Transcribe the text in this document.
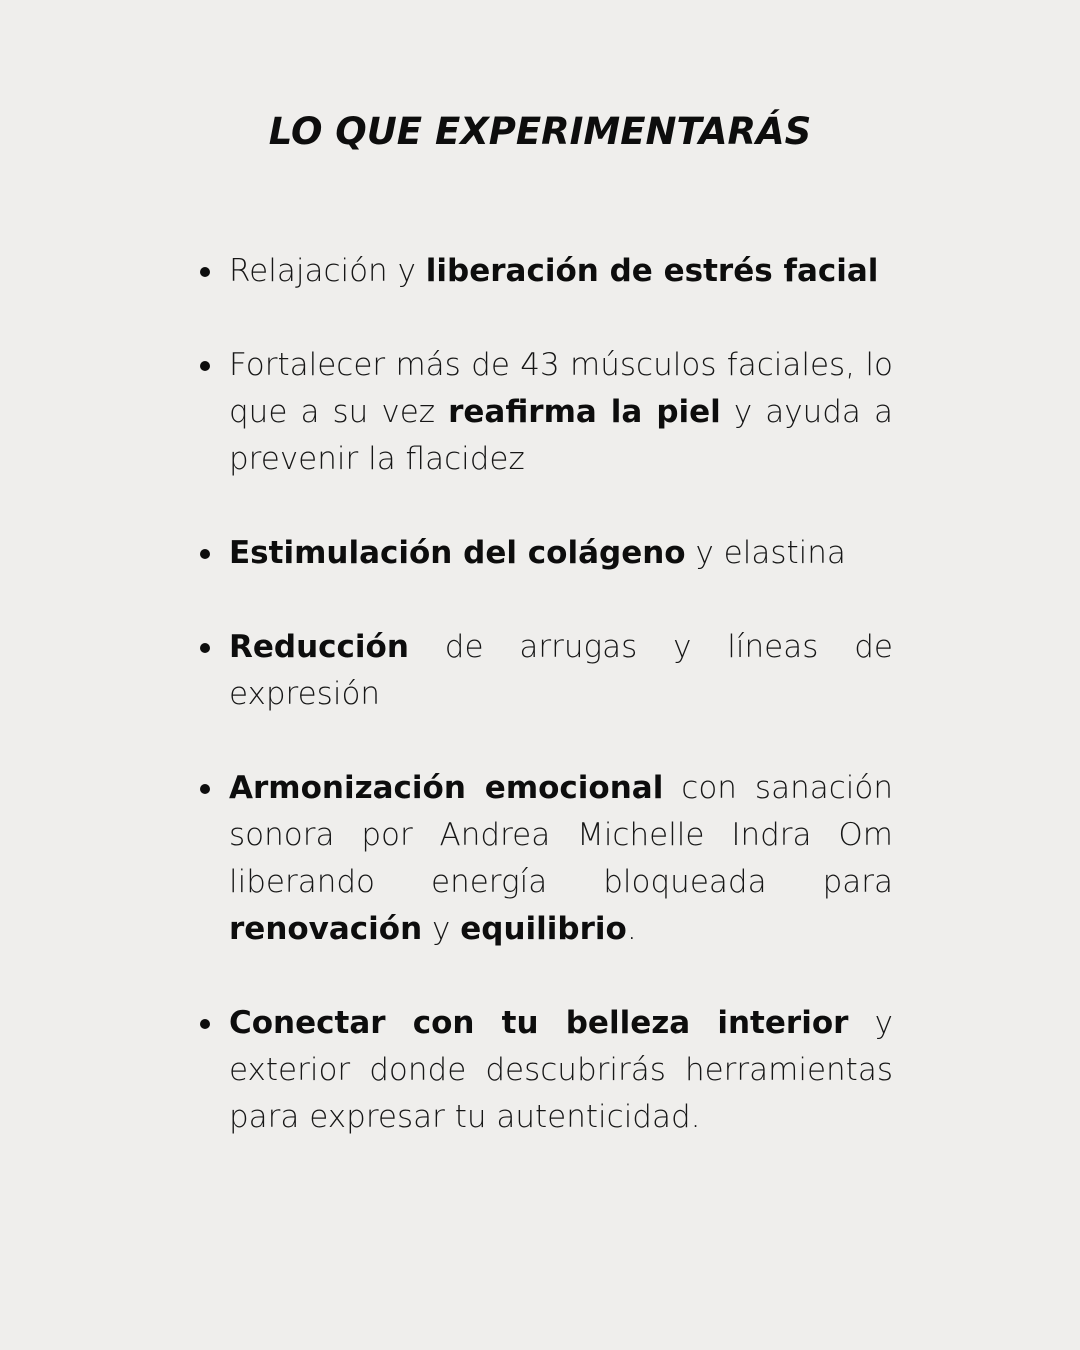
LO QUE EXPERIMENTARÁS
Relajación y liberación de estrés facial
Fortalecer más de 43 músculos faciales, lo que a su vez reafirma la piel y ayuda a prevenir la flacidez
Estimulación del colágeno y elastina
Reducción de arrugas y líneas de expresión
Armonización emocional con sanación sonora por Andrea Michelle Indra Om liberando energía bloqueada para renovación y equilibrio.
Conectar con tu belleza interior y exterior donde descubrirás herramientas para expresar tu autenticidad.
